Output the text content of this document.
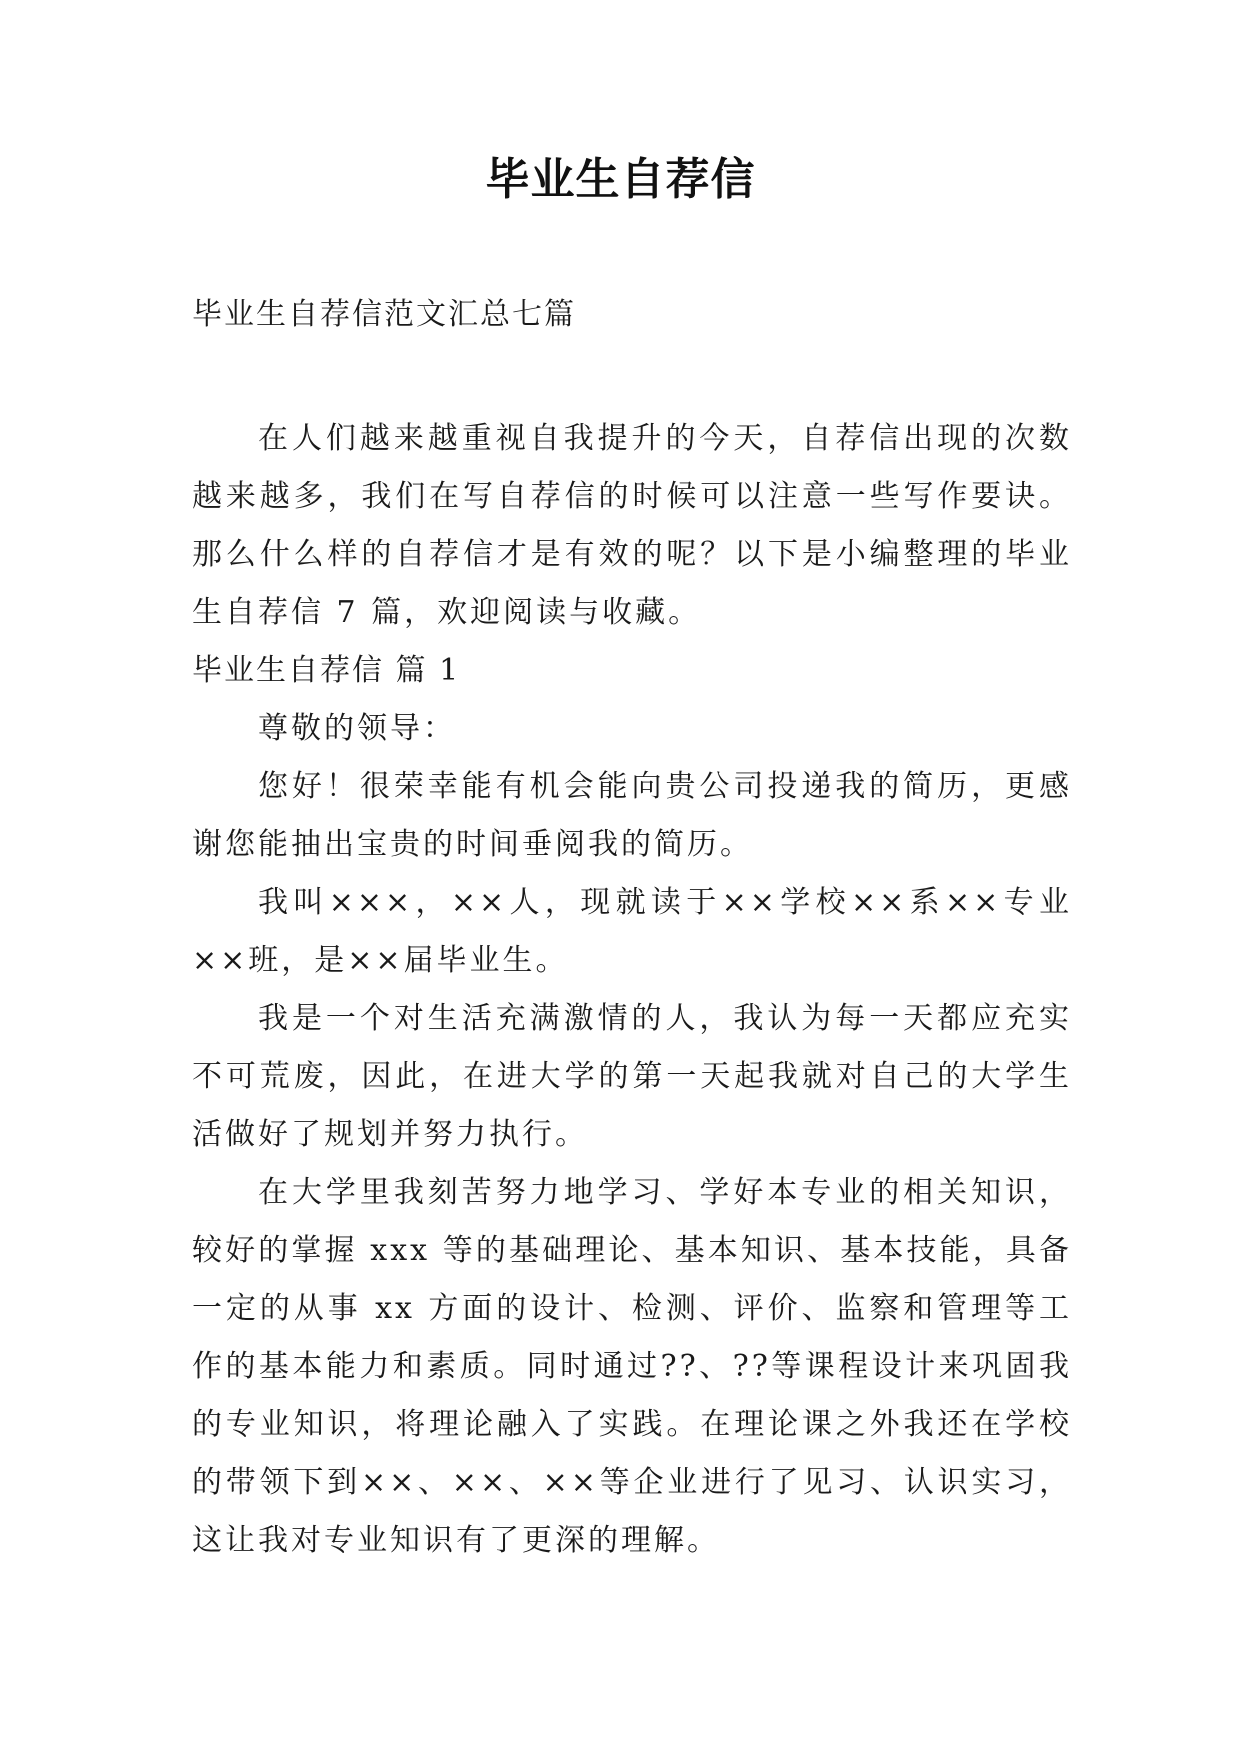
毕业生自荐信
毕业生自荐信范文汇总七篇

在人们越来越重视自我提升的今天，自荐信出现的次数越来越多，我们在写自荐信的时候可以注意一些写作要诀。那么什么样的自荐信才是有效的呢？以下是小编整理的毕业生自荐信 7 篇，欢迎阅读与收藏。

毕业生自荐信 篇 1

尊敬的领导：

您好！很荣幸能有机会能向贵公司投递我的简历，更感谢您能抽出宝贵的时间垂阅我的简历。

我叫×××，××人，现就读于××学校××系××专业××班，是××届毕业生。

我是一个对生活充满激情的人，我认为每一天都应充实不可荒废，因此，在进大学的第一天起我就对自己的大学生活做好了规划并努力执行。

在大学里我刻苦努力地学习、学好本专业的相关知识，较好的掌握 xxx 等的基础理论、基本知识、基本技能，具备一定的从事 xx 方面的设计、检测、评价、监察和管理等工作的基本能力和素质。同时通过??、??等课程设计来巩固我的专业知识，将理论融入了实践。在理论课之外我还在学校的带领下到××、××、××等企业进行了见习、认识实习，这让我对专业知识有了更深的理解。
